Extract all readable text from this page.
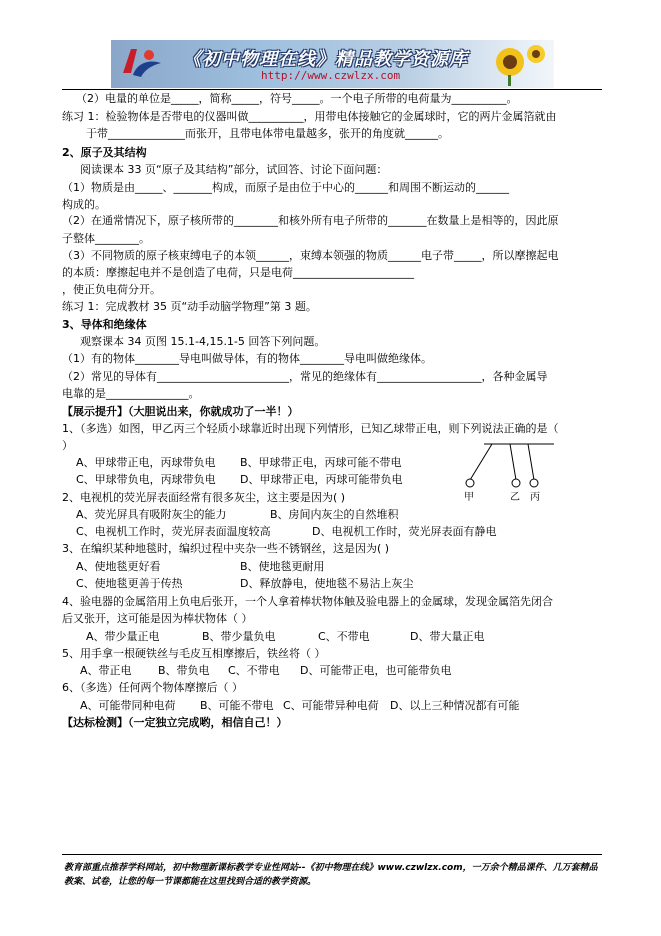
《初中物理在线》精品教学资源库
http://www.czwlzx.com
（2）电量的单位是_____，简称_____，符号_____。一个电子所带的电荷量为__________。
练习 1：检验物体是否带电的仪器叫做__________，用带电体接触它的金属球时，它的两片金属箔就由
于带______________而张开，且带电体带电量越多，张开的角度就______。
2、原子及其结构
阅读课本 33 页“原子及其结构”部分，试回答、讨论下面问题：
（1）物质是由_____、_______构成，而原子是由位于中心的______和周围不断运动的______
构成的。
（2）在通常情况下，原子核所带的________和核外所有电子所带的_______在数量上是相等的，因此原
子整体________。
（3）不同物质的原子核束缚电子的本领______，束缚本领强的物质______电子带_____，所以摩擦起电
的本质：摩擦起电并不是创造了电荷，只是电荷______________________
，使正负电荷分开。
练习 1：完成教材 35 页“动手动脑学物理”第 3 题。
3、导体和绝缘体
观察课本 34 页图 15.1-4,15.1-5 回答下列问题。
（1）有的物体________导电叫做导体，有的物体________导电叫做绝缘体。
（2）常见的导体有________________________，常见的绝缘体有___________________，各种金属导
电靠的是_______________。
【展示提升】（大胆说出来，你就成功了一半！）
1、（多选）如图，甲乙丙三个轻质小球靠近时出现下列情形，已知乙球带正电，则下列说法正确的是（
）
A、甲球带正电，丙球带负电 B、甲球带正电，丙球可能不带电
C、甲球带负电，丙球带负电 D、甲球带正电，丙球可能带负电
甲	乙 丙
2、电视机的荧光屏表面经常有很多灰尘，这主要是因为( )
A、荧光屏具有吸附灰尘的能力	B、房间内灰尘的自然堆积
C、电视机工作时，荧光屏表面温度较高	D、电视机工作时，荧光屏表面有静电
3、在编织某种地毯时，编织过程中夹杂一些不锈钢丝，这是因为( )
A、使地毯更好看	B、使地毯更耐用
C、使地毯更善于传热	D、释放静电，使地毯不易沾上灰尘
4、验电器的金属箔用上负电后张开，一个人拿着棒状物体触及验电器上的金属球，发现金属箔先闭合
后又张开，这可能是因为棒状物体（ ）
A、带少量正电	B、带少量负电	C、不带电	D、带大量正电
5、用手拿一根硬铁丝与毛皮互相摩擦后，铁丝将（ ）
A、带正电 B、带负电 C、不带电 D、可能带正电，也可能带负电
6、（多选）任何两个物体摩擦后（ ）
A、可能带同种电荷 B、可能不带电 C、可能带异种电荷 D、以上三种情况都有可能
【达标检测】（一定独立完成哟，相信自己！）
教育部重点推荐学科网站，初中物理新课标教学专业性网站--《初中物理在线》www.czwlzx.com，一万余个精品课件、几万套精品教案、试卷，让您的每一节课都能在这里找到合适的教学资源。
